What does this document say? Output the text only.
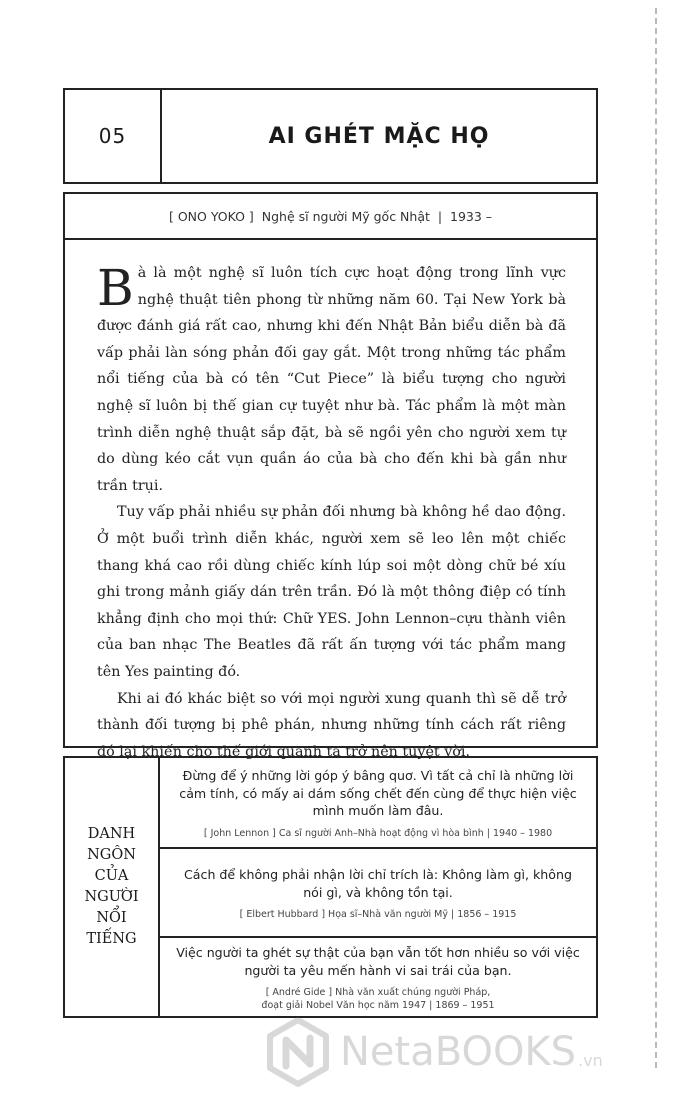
05	AI GHÉT MẶC HỌ
[ ONO YOKO ]  Nghệ sĩ người Mỹ gốc Nhật  |  1933 –

Bà là một nghệ sĩ luôn tích cực hoạt động trong lĩnh vực nghệ thuật tiên phong từ những năm 60. Tại New York bà được đánh giá rất cao, nhưng khi đến Nhật Bản biểu diễn bà đã vấp phải làn sóng phản đối gay gắt. Một trong những tác phẩm nổi tiếng của bà có tên “Cut Piece” là biểu tượng cho người nghệ sĩ luôn bị thế gian cự tuyệt như bà. Tác phẩm là một màn trình diễn nghệ thuật sắp đặt, bà sẽ ngồi yên cho người xem tự do dùng kéo cắt vụn quần áo của bà cho đến khi bà gần như trần trụi.

Tuy vấp phải nhiều sự phản đối nhưng bà không hề dao động. Ở một buổi trình diễn khác, người xem sẽ leo lên một chiếc thang khá cao rồi dùng chiếc kính lúp soi một dòng chữ bé xíu ghi trong mảnh giấy dán trên trần. Đó là một thông điệp có tính khẳng định cho mọi thứ: Chữ YES. John Lennon–cựu thành viên của ban nhạc The Beatles đã rất ấn tượng với tác phẩm mang tên Yes painting đó.

Khi ai đó khác biệt so với mọi người xung quanh thì sẽ dễ trở thành đối tượng bị phê phán, nhưng những tính cách rất riêng đó lại khiến cho thế giới quanh ta trở nên tuyệt vời.

DANH
NGÔN
CỦA
NGƯỜI
NỔI
TIẾNG
Đừng để ý những lời góp ý bâng quơ. Vì tất cả chỉ là những lời cảm tính, có mấy ai dám sống chết đến cùng để thực hiện việc mình muốn làm đâu.
[ John Lennon ] Ca sĩ người Anh–Nhà hoạt động vì hòa bình | 1940 – 1980
Cách để không phải nhận lời chỉ trích là: Không làm gì, không nói gì, và không tồn tại.
[ Elbert Hubbard ] Họa sĩ–Nhà văn người Mỹ | 1856 – 1915
Việc người ta ghét sự thật của bạn vẫn tốt hơn nhiều so với việc người ta yêu mến hành vi sai trái của bạn.
[ André Gide ] Nhà văn xuất chúng người Pháp,
đoạt giải Nobel Văn học năm 1947 | 1869 – 1951
NetaBOOKS .vn
